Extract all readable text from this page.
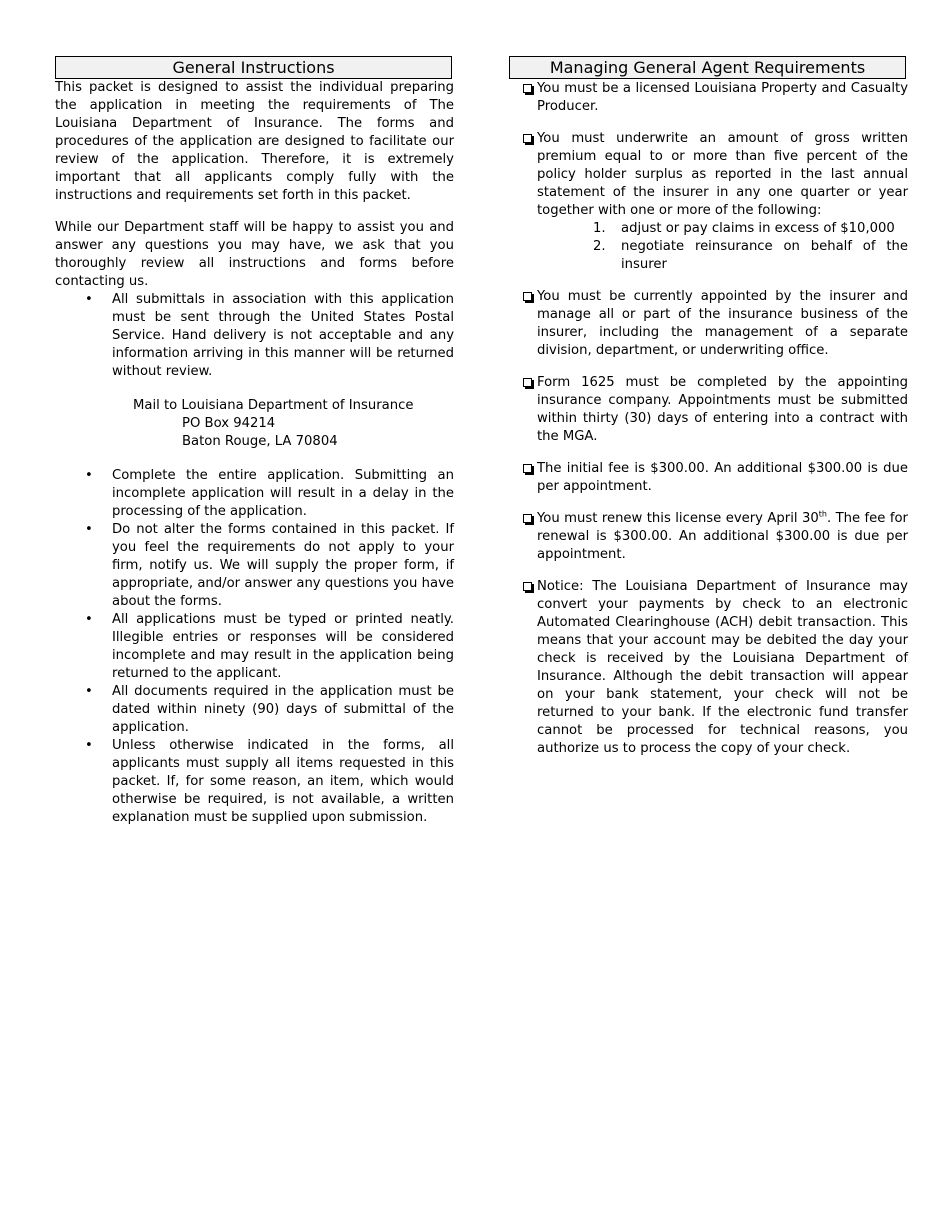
General Instructions

This packet is designed to assist the individual preparing the application in meeting the requirements of The Louisiana Department of Insurance. The forms and procedures of the application are designed to facilitate our review of the application. Therefore, it is extremely important that all applicants comply fully with the instructions and requirements set forth in this packet.

While our Department staff will be happy to assist you and answer any questions you may have, we ask that you thoroughly review all instructions and forms before contacting us.

• All submittals in association with this application must be sent through the United States Postal Service. Hand delivery is not acceptable and any information arriving in this manner will be returned without review.
Mail to Louisiana Department of Insurance
PO Box 94214
Baton Rouge, LA 70804
• Complete the entire application. Submitting an incomplete application will result in a delay in the processing of the application.
• Do not alter the forms contained in this packet. If you feel the requirements do not apply to your firm, notify us. We will supply the proper form, if appropriate, and/or answer any questions you have about the forms.
• All applications must be typed or printed neatly. Illegible entries or responses will be considered incomplete and may result in the application being returned to the applicant.
• All documents required in the application must be dated within ninety (90) days of submittal of the application.
• Unless otherwise indicated in the forms, all applicants must supply all items requested in this packet. If, for some reason, an item, which would otherwise be required, is not available, a written explanation must be supplied upon submission.
Managing General Agent Requirements
You must be a licensed Louisiana Property and Casualty Producer.
You must underwrite an amount of gross written premium equal to or more than five percent of the policy holder surplus as reported in the last annual statement of the insurer in any one quarter or year together with one or more of the following:
1. adjust or pay claims in excess of $10,000
2. negotiate reinsurance on behalf of the insurer
You must be currently appointed by the insurer and manage all or part of the insurance business of the insurer, including the management of a separate division, department, or underwriting office.
Form 1625 must be completed by the appointing insurance company. Appointments must be submitted within thirty (30) days of entering into a contract with the MGA.
The initial fee is $300.00. An additional $300.00 is due per appointment.
You must renew this license every April 30th. The fee for renewal is $300.00. An additional $300.00 is due per appointment.
Notice: The Louisiana Department of Insurance may convert your payments by check to an electronic Automated Clearinghouse (ACH) debit transaction. This means that your account may be debited the day your check is received by the Louisiana Department of Insurance. Although the debit transaction will appear on your bank statement, your check will not be returned to your bank. If the electronic fund transfer cannot be processed for technical reasons, you authorize us to process the copy of your check.
